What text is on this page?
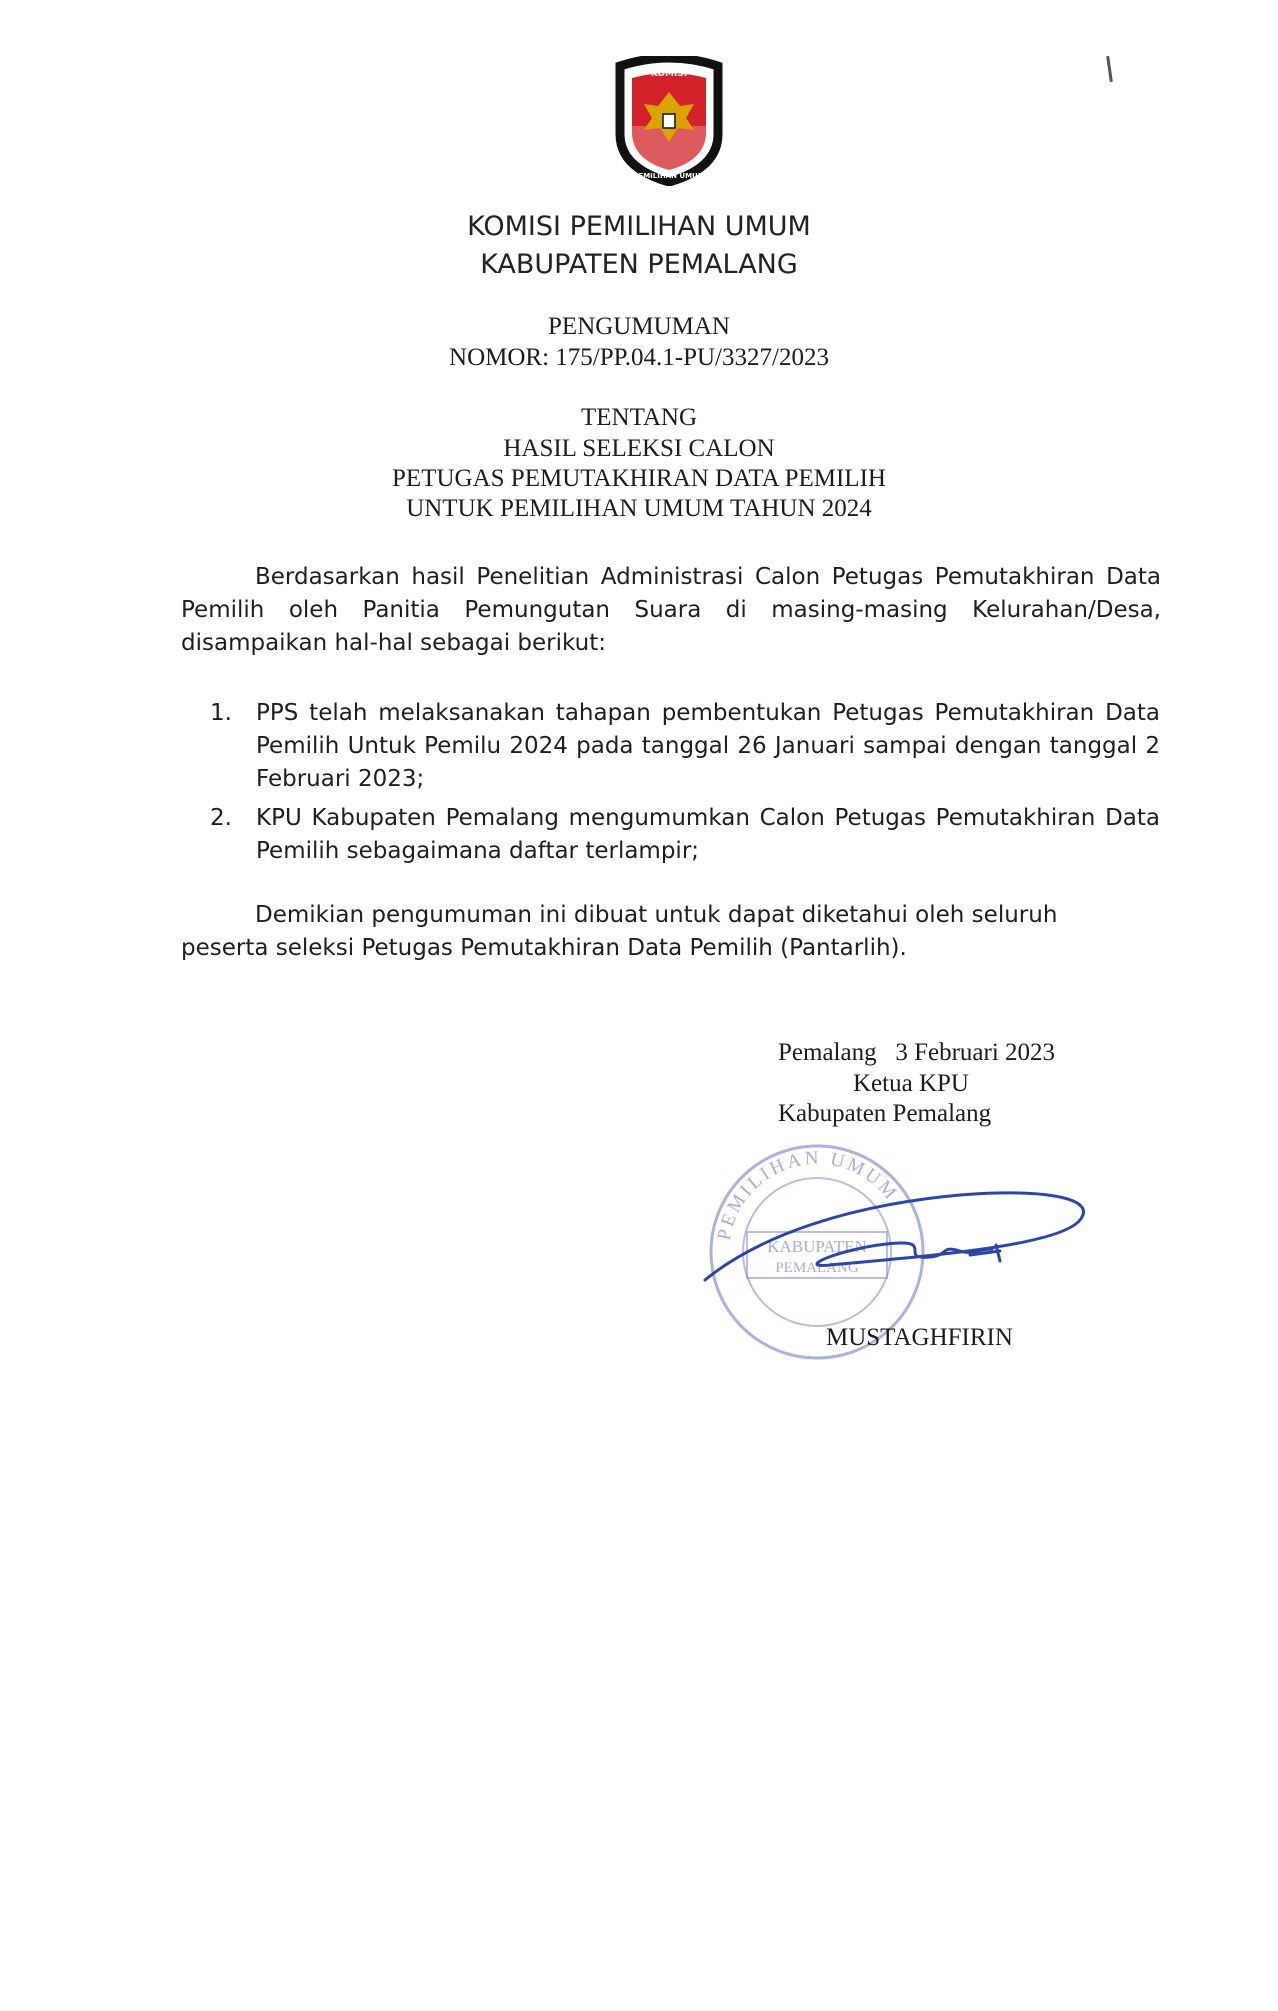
KOMISI
PEMILIHAN UMUM
KOMISI PEMILIHAN UMUM
KABUPATEN PEMALANG
PENGUMUMAN
NOMOR: 175/PP.04.1-PU/3327/2023
TENTANG
HASIL SELEKSI CALON
PETUGAS PEMUTAKHIRAN DATA PEMILIH
UNTUK PEMILIHAN UMUM TAHUN 2024
Berdasarkan hasil Penelitian Administrasi Calon Petugas Pemutakhiran Data Pemilih oleh Panitia Pemungutan Suara di masing-masing Kelurahan/Desa, disampaikan hal-hal sebagai berikut:
1.	PPS telah melaksanakan tahapan pembentukan Petugas Pemutakhiran Data Pemilih Untuk Pemilu 2024 pada tanggal 26 Januari sampai dengan tanggal 2 Februari 2023;
2.	KPU Kabupaten Pemalang mengumumkan Calon Petugas Pemutakhiran Data Pemilih sebagaimana daftar terlampir;
Demikian pengumuman ini dibuat untuk dapat diketahui oleh seluruh peserta seleksi Petugas Pemutakhiran Data Pemilih (Pantarlih).
Pemalang   3 Februari 2023
Ketua KPU
Kabupaten Pemalang
PEMILIHAN UMUM
KABUPATEN
PEMALANG
MUSTAGHFIRIN
